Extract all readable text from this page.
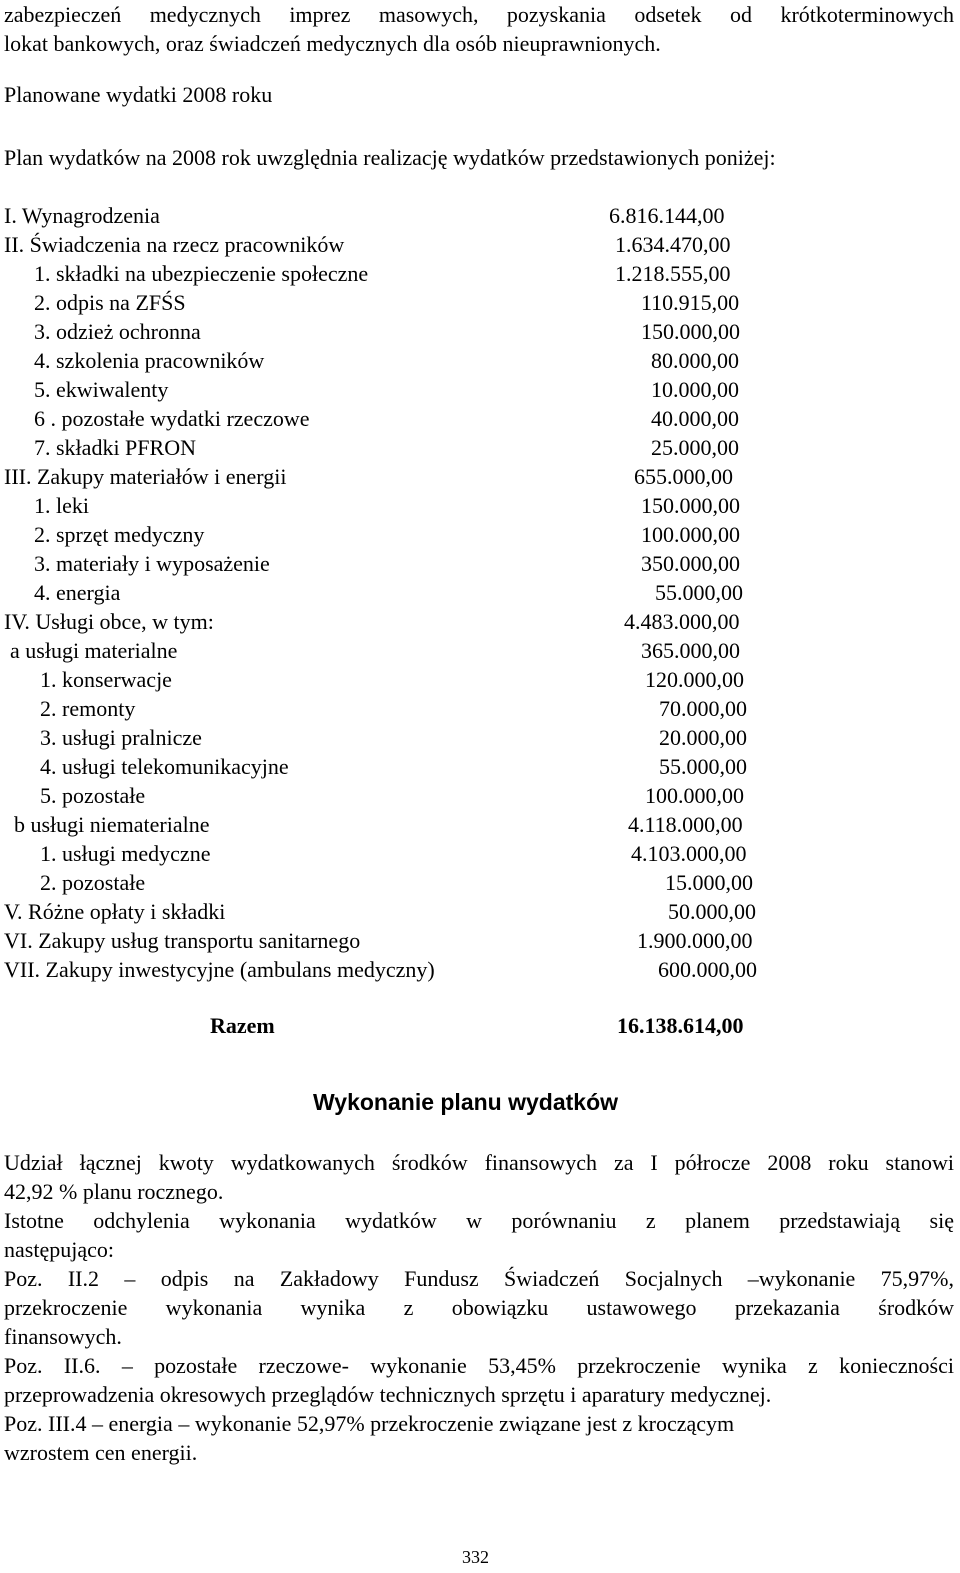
zabezpieczeń medycznych imprez masowych, pozyskania odsetek od krótkoterminowych
lokat bankowych, oraz świadczeń medycznych dla osób nieuprawnionych.
Planowane wydatki 2008 roku
Plan wydatków na 2008 rok uwzględnia realizację wydatków przedstawionych poniżej:
I. Wynagrodzenia	6.816.144,00
II. Świadczenia na rzecz pracowników	1.634.470,00
1. składki na ubezpieczenie społeczne	1.218.555,00
2. odpis na ZFŚS	110.915,00
3. odzież ochronna	150.000,00
4. szkolenia pracowników	80.000,00
5. ekwiwalenty	10.000,00
6 . pozostałe wydatki rzeczowe	40.000,00
7. składki PFRON	25.000,00
III. Zakupy materiałów i energii	655.000,00
1. leki	150.000,00
2. sprzęt medyczny	100.000,00
3. materiały i wyposażenie	350.000,00
4. energia	55.000,00
IV. Usługi obce, w tym:	4.483.000,00
a usługi materialne	365.000,00
1. konserwacje	120.000,00
2. remonty	70.000,00
3. usługi pralnicze	20.000,00
4. usługi telekomunikacyjne	55.000,00
5. pozostałe	100.000,00
b usługi niematerialne	4.118.000,00
1. usługi medyczne	4.103.000,00
2. pozostałe	15.000,00
V. Różne opłaty i składki	50.000,00
VI. Zakupy usług transportu sanitarnego	1.900.000,00
VII. Zakupy inwestycyjne (ambulans medyczny)	600.000,00
Razem	16.138.614,00
Wykonanie planu wydatków
Udział łącznej kwoty wydatkowanych środków finansowych za I półrocze 2008 roku stanowi
42,92 % planu rocznego.
Istotne odchylenia wykonania wydatków w porównaniu z planem przedstawiają się
następująco:
Poz. II.2 – odpis na Zakładowy Fundusz Świadczeń Socjalnych –wykonanie 75,97%,
przekroczenie wykonania wynika z obowiązku ustawowego przekazania środków
finansowych.
Poz. II.6. – pozostałe rzeczowe- wykonanie 53,45% przekroczenie wynika z konieczności
przeprowadzenia okresowych przeglądów technicznych sprzętu i aparatury medycznej.
Poz. III.4 – energia – wykonanie 52,97% przekroczenie związane jest z kroczącym
wzrostem cen energii.
332
